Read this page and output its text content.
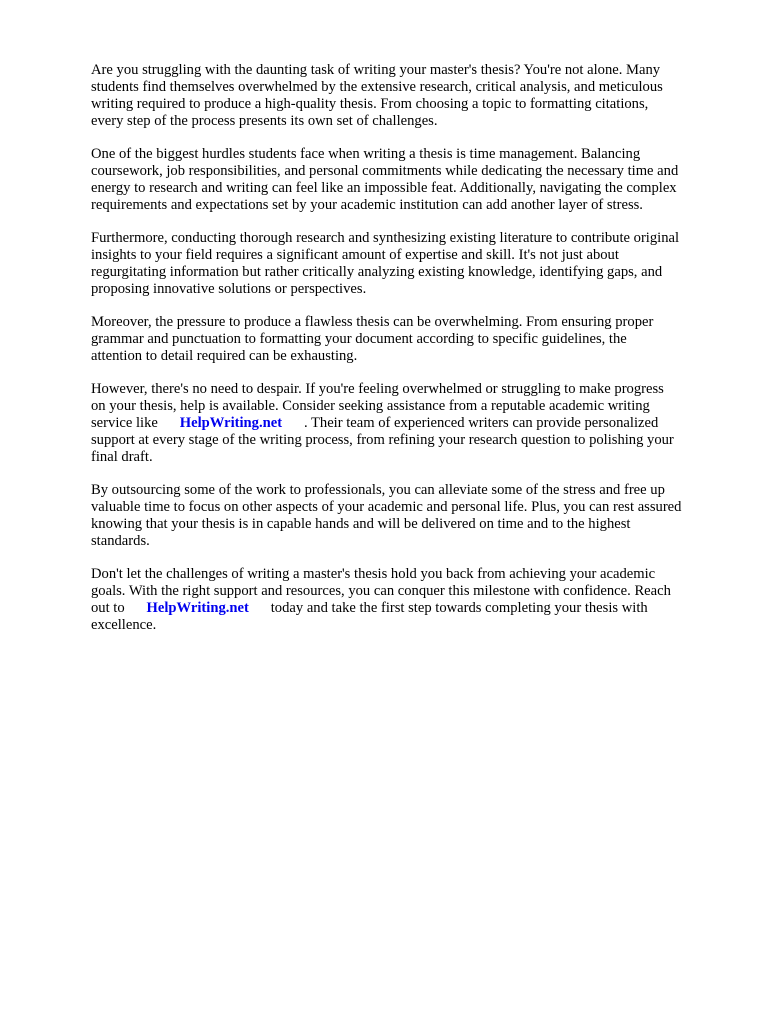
Are you struggling with the daunting task of writing your master's thesis? You're not alone. Many
students find themselves overwhelmed by the extensive research, critical analysis, and meticulous
writing required to produce a high-quality thesis. From choosing a topic to formatting citations,
every step of the process presents its own set of challenges.
One of the biggest hurdles students face when writing a thesis is time management. Balancing
coursework, job responsibilities, and personal commitments while dedicating the necessary time and
energy to research and writing can feel like an impossible feat. Additionally, navigating the complex
requirements and expectations set by your academic institution can add another layer of stress.
Furthermore, conducting thorough research and synthesizing existing literature to contribute original
insights to your field requires a significant amount of expertise and skill. It's not just about
regurgitating information but rather critically analyzing existing knowledge, identifying gaps, and
proposing innovative solutions or perspectives.
Moreover, the pressure to produce a flawless thesis can be overwhelming. From ensuring proper
grammar and punctuation to formatting your document according to specific guidelines, the
attention to detail required can be exhausting.
However, there's no need to despair. If you're feeling overwhelmed or struggling to make progress
on your thesis, help is available. Consider seeking assistance from a reputable academic writing
service like      HelpWriting.net      . Their team of experienced writers can provide personalized
support at every stage of the writing process, from refining your research question to polishing your
final draft.
By outsourcing some of the work to professionals, you can alleviate some of the stress and free up
valuable time to focus on other aspects of your academic and personal life. Plus, you can rest assured
knowing that your thesis is in capable hands and will be delivered on time and to the highest
standards.
Don't let the challenges of writing a master's thesis hold you back from achieving your academic
goals. With the right support and resources, you can conquer this milestone with confidence. Reach
out to      HelpWriting.net      today and take the first step towards completing your thesis with
excellence.
